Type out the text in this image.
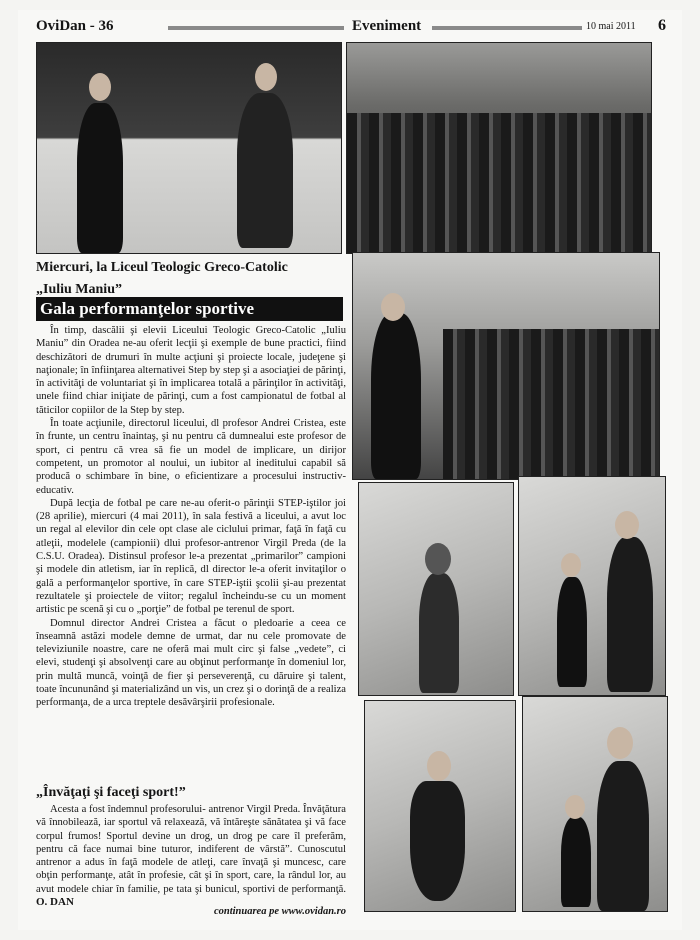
OviDan - 36	Eveniment	10 mai 2011 6
Miercuri, la Liceul Teologic Greco-Catolic
„Iuliu Maniu”
Gala performanţelor sportive

În timp, dascălii şi elevii Liceului Teologic Greco-Catolic „Iuliu Maniu” din Oradea ne-au oferit lecţii şi exemple de bune practici, fiind deschizători de drumuri în multe acţiuni şi proiecte locale, judeţene şi naţionale; în înfiinţarea alternativei Step by step şi a asociaţiei de părinţi, în activităţi de voluntariat şi în implicarea totală a părinţilor în activităţi, unele fiind chiar iniţiate de părinţi, cum a fost campionatul de fotbal al tăticilor copiilor de la Step by step.

În toate acţiunile, directorul liceului, dl profesor Andrei Cristea, este în frunte, un centru înaintaş, şi nu pentru că dumnealui este profesor de sport, ci pentru că vrea să fie un model de implicare, un dirijor competent, un promotor al noului, un iubitor al ineditului capabil să producă o schimbare în bine, o eficientizare a procesului instructiv-educativ.

După lecţia de fotbal pe care ne-au oferit-o părinţii STEP-iştilor joi (28 aprilie), miercuri (4 mai 2011), în sala festivă a liceului, a avut loc un regal al elevilor din cele opt clase ale ciclului primar, faţă în faţă cu atleţii, modelele (campionii) dlui profesor-antrenor Virgil Preda (de la C.S.U. Oradea). Distinsul profesor le-a prezentat „primarilor” campioni şi modele din atletism, iar în replică, dl director le-a oferit invitaţilor o gală a performanţelor sportive, în care STEP-iştii şcolii şi-au prezentat rezultatele şi proiectele de viitor; regalul încheindu-se cu un moment artistic pe scenă şi cu o „porţie” de fotbal pe terenul de sport.

Domnul director Andrei Cristea a făcut o pledoarie a ceea ce înseamnă astăzi modele demne de urmat, dar nu cele promovate de televiziunile noastre, care ne oferă mai mult circ şi false „vedete”, ci elevi, studenţi şi absolvenţi care au obţinut performanţe în domeniul lor, prin multă muncă, voinţă de fier şi perseverenţă, cu dăruire şi talent, toate încununând şi materializând un vis, un crez şi o dorinţă de a realiza performanţa, de a urca treptele desăvârşirii profesionale.

„Învăţaţi şi faceţi sport!”

Acesta a fost îndemnul profesorului- antrenor Virgil Preda. Învăţătura vă înnobilează, iar sportul vă relaxează, vă întăreşte sănătatea şi vă face corpul frumos! Sportul devine un drog, un drog pe care îl preferăm, pentru că face numai bine tuturor, indiferent de vârstă”. Cunoscutul antrenor a adus în faţă modele de atleţi, care învaţă şi muncesc, care obţin performanţe, atât în profesie, cât şi în sport, care, la rândul lor, au avut modele chiar în familie, pe tata şi bunicul, sportivi de performanţă. O. DAN

continuarea pe www.ovidan.ro
